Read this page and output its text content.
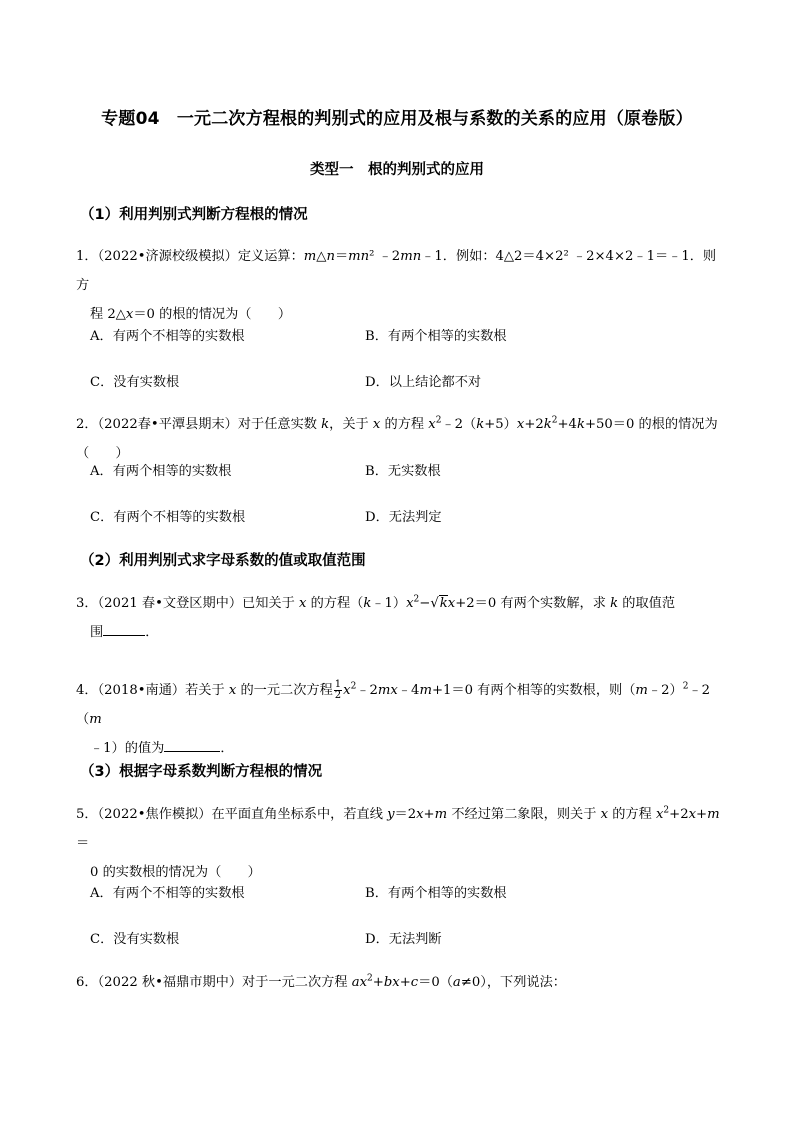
专题04　一元二次方程根的判别式的应用及根与系数的关系的应用（原卷版）
类型一　根的判别式的应用
（1）利用判别式判断方程根的情况
1．（2022•济源校级模拟）定义运算：m△n＝mn² ﹣2mn﹣1．例如：4△2＝4×2² ﹣2×4×2﹣1＝﹣1．则方
程 2△x＝0 的根的情况为（　　）
A．有两个不相等的实数根	B．有两个相等的实数根
C．没有实数根	D．以上结论都不对
2．（2022春•平潭县期末）对于任意实数 k，关于 x 的方程 $x^2﹣2(k+5)x+2k^2+4k+50=0$ 的根的情况为（　　）
A．有两个相等的实数根	B．无实数根
C．有两个不相等的实数根	D．无法判定
（2）利用判别式求字母系数的值或取值范围
3．（2021 春•文登区期中）已知关于 x 的方程$(k﹣1)x^2-√kx+2=0$ 有两个实数解，求 k 的取值范
围	．
4．（2018•南通）若关于 x 的一元二次方程 $\frac{1}{2}$ $x^2﹣2mx﹣4m+1=0$ 有两个相等的实数根，则（m﹣2）$^2$﹣2（m
﹣1）的值为	．
（3）根据字母系数判断方程根的情况
5．（2022•焦作模拟）在平面直角坐标系中，若直线 y＝2x+m 不经过第二象限，则关于 x 的方程 $x^2+2x+m=$
0 的实数根的情况为（　　）
A．有两个不相等的实数根	B．有两个相等的实数根
C．没有实数根	D．无法判断
6．（2022 秋•福鼎市期中）对于一元二次方程 $ax^2+bx+c=0(a\ne 0)$，下列说法：
